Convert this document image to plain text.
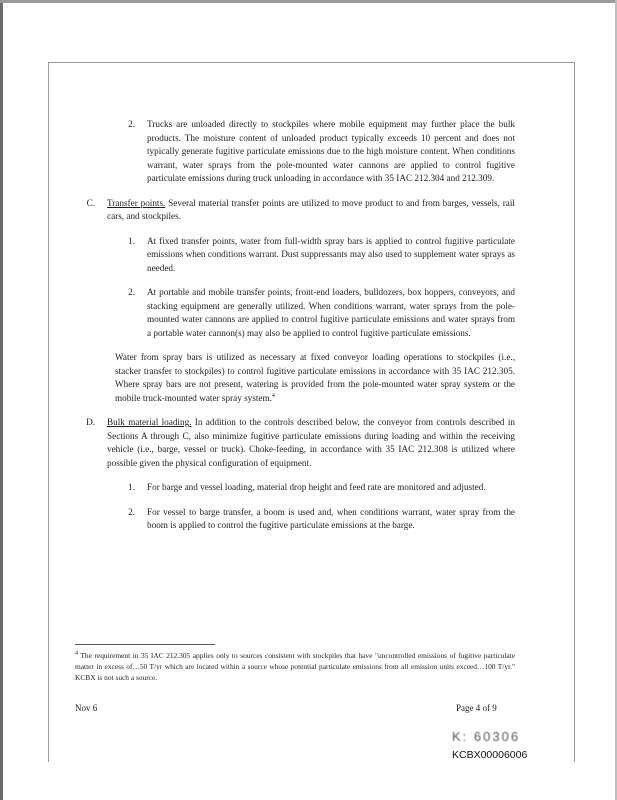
2.	Trucks are unloaded directly to stockpiles where mobile equipment may further place the bulk products. The moisture content of unloaded product typically exceeds 10 percent and does not typically generate fugitive particulate emissions due to the high moisture content. When conditions warrant, water sprays from the pole-mounted water cannons are applied to control fugitive particulate emissions during truck unloading in accordance with 35 IAC 212.304 and 212.309.
C.	Transfer points. Several material transfer points are utilized to move product to and from barges, vessels, rail cars, and stockpiles.
1.	At fixed transfer points, water from full-width spray bars is applied to control fugitive particulate emissions when conditions warrant. Dust suppressants may also used to supplement water sprays as needed.
2.	At portable and mobile transfer points, front-end loaders, bulldozers, box hoppers, conveyors, and stacking equipment are generally utilized. When conditions warrant, water sprays from the pole-mounted water cannons are applied to control fugitive particulate emissions and water sprays from a portable water cannon(s) may also be applied to control fugitive particulate emissions.
Water from spray bars is utilized as necessary at fixed conveyor loading operations to stockpiles (i.e., stacker transfer to stockpiles) to control fugitive particulate emissions in accordance with 35 IAC 212.305. Where spray bars are not present, watering is provided from the pole-mounted water spray system or the mobile truck-mounted water spray system.$^4$
D.	Bulk material loading. In addition to the controls described below, the conveyor from controls described in Sections A through C, also minimize fugitive particulate emissions during loading and within the receiving vehicle (i.e., barge, vessel or truck). Choke-feeding, in accordance with 35 IAC 212.308 is utilized where possible given the physical configuration of equipment.
1.	For barge and vessel loading, material drop height and feed rate are monitored and adjusted.
2.	For vessel to barge transfer, a boom is used and, when conditions warrant, water spray from the boom is applied to control the fugitive particulate emissions at the barge.
$^4$ The requirement in 35 IAC 212.305 applies only to sources consistent with stockpiles that have "uncontrolled emissions of fugitive particulate matter in excess of…50 T/yr which are located within a source whose potential particulate emissions from all emission units exceed…100 T/yr." KCBX is not such a source.
Nov 6	Page 4 of 9
K: 60306
KCBX00006006
